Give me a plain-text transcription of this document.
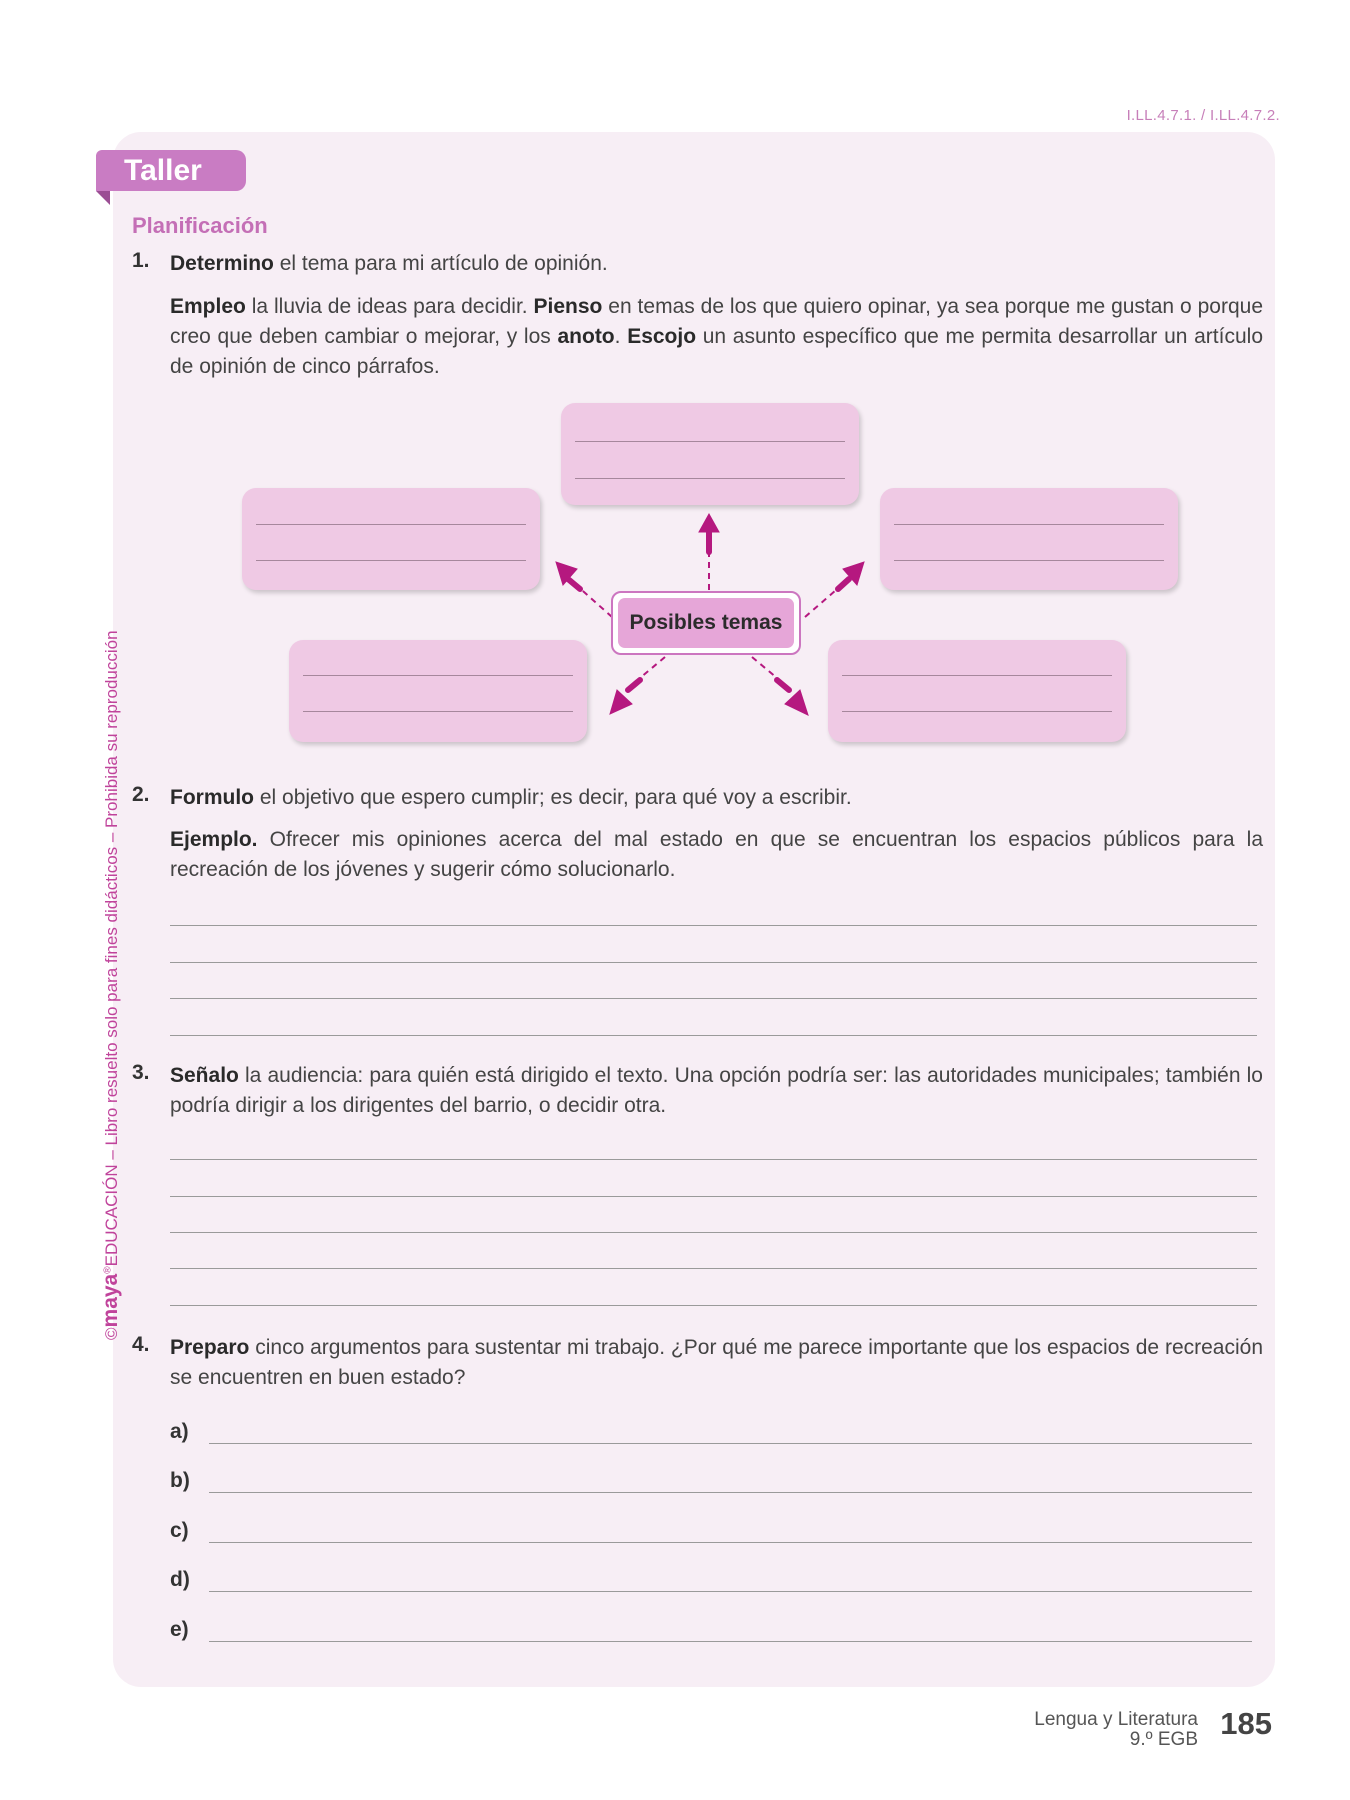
I.LL.4.7.1. / I.LL.4.7.2.
Taller
©maya®EDUCACIÓN – Libro resuelto solo para fines didácticos – Prohibida su reproducción
Planificación
1. Determino el tema para mi artículo de opinión.
Empleo la lluvia de ideas para decidir. Pienso en temas de los que quiero opinar, ya sea porque me gustan o porque creo que deben cambiar o mejorar, y los anoto. Escojo un asunto específico que me permita desarrollar un artículo de opinión de cinco párrafos.
Posibles temas
2. Formulo el objetivo que espero cumplir; es decir, para qué voy a escribir.
Ejemplo. Ofrecer mis opiniones acerca del mal estado en que se encuentran los espacios públicos para la recreación de los jóvenes y sugerir cómo solucionarlo.
3. Señalo la audiencia: para quién está dirigido el texto. Una opción podría ser: las autoridades municipales; también lo podría dirigir a los dirigentes del barrio, o decidir otra.
4. Preparo cinco argumentos para sustentar mi trabajo. ¿Por qué me parece importante que los espacios de recreación se encuentren en buen estado?
a)
b)
c)
d)
e)
Lengua y Literatura
9.º EGB 185
